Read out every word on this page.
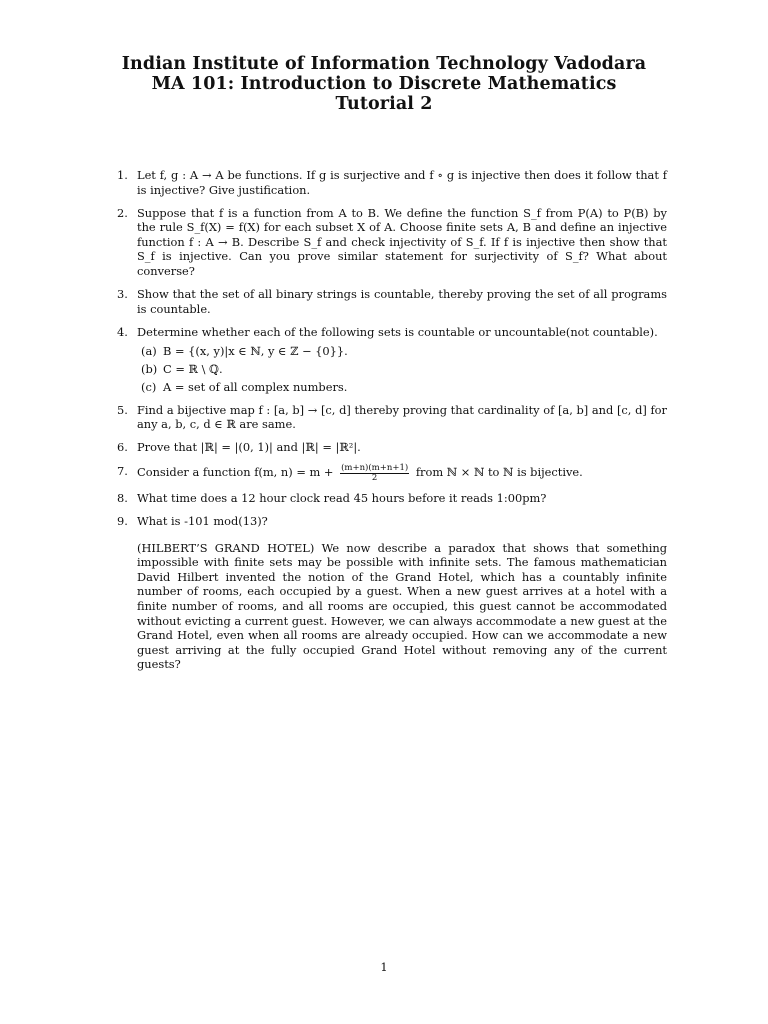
Indian Institute of Information Technology Vadodara
MA 101: Introduction to Discrete Mathematics
Tutorial 2
1. Let f, g : A → A be functions. If g is surjective and f ∘ g is injective then does it follow that f is injective? Give justification.
2. Suppose that f is a function from A to B. We define the function S_f from P(A) to P(B) by the rule S_f(X) = f(X) for each subset X of A. Choose finite sets A, B and define an injective function f : A → B. Describe S_f and check injectivity of S_f. If f is injective then show that S_f is injective. Can you prove similar statement for surjectivity of S_f? What about converse?
3. Show that the set of all binary strings is countable, thereby proving the set of all programs is countable.
4. Determine whether each of the following sets is countable or uncountable(not countable).
(a) B = {(x, y)|x ∈ ℕ, y ∈ ℤ − {0}}.
(b) C = ℝ \ ℚ.
(c) A = set of all complex numbers.
5. Find a bijective map f : [a, b] → [c, d] thereby proving that cardinality of [a, b] and [c, d] for any a, b, c, d ∈ ℝ are same.
6. Prove that |ℝ| = |(0, 1)| and |ℝ| = |ℝ²|.
7. Consider a function f(m, $n) = m + \frac{(m+n)(m+n+1)}{2}$ from ℕ × ℕ to ℕ is bijective.
8. What time does a 12 hour clock read 45 hours before it reads 1:00pm?
9. What is -101 mod(13)?
(HILBERT’S GRAND HOTEL) We now describe a paradox that shows that something impossible with finite sets may be possible with infinite sets. The famous mathematician David Hilbert invented the notion of the Grand Hotel, which has a countably infinite number of rooms, each occupied by a guest. When a new guest arrives at a hotel with a finite number of rooms, and all rooms are occupied, this guest cannot be accommodated without evicting a current guest. However, we can always accommodate a new guest at the Grand Hotel, even when all rooms are already occupied. How can we accommodate a new guest arriving at the fully occupied Grand Hotel without removing any of the current guests?
1
